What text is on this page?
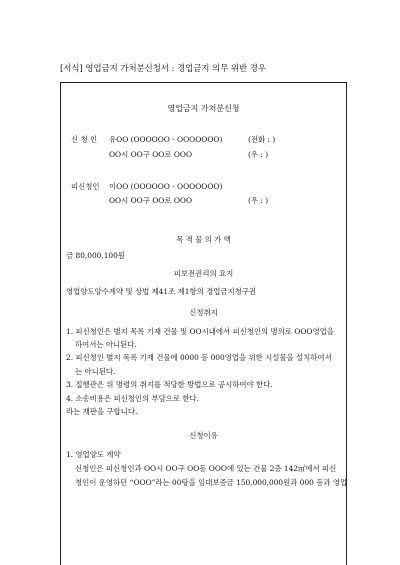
[서식] 영업금지 가처분신청서 : 경업금지 의무 위반 경우
영업금지 가처분신청
신 청 인 유OO (OOOOOO - OOOOOOO)	(전화 : )
OO시 OO구 OO로 OOO	(우 : )
피신청인 이OO (OOOOOO - OOOOOOO)
OO시 OO구 OO로 OOO	(우 : )
목 적 물 의 가 액
금 80,000,100원
피보전권리의 요지
영업양도양수계약 및 상법 제41조 제1항의 경업금지청구권
신청취지
1. 피신청인은 별지 목록 기재 건물 및 OO시내에서 피신청인의 명의로 OOO영업을
하여서는 아니된다.
2. 피신청인 별지 목록 기재 건물에 0000 등 000영업을 위한 시설물을 설치하여서
는 아니된다.
3. 집행관은 위 명령의 취지를 적당한 방법으로 공시하여야 한다.
4. 소송비용은 피신청인의 부담으로 한다.
라는 재판을 구합니다.
신청이유
1. 영업양도 계약
신청인은 피신청인과 OO시 OO구 OO동 OOO에 있는 건물 2층 142㎡에서 피신
청인이 운영하던 “OOO”라는 00탕을 임대보증금 150,000,000원과 000 등과 영업
